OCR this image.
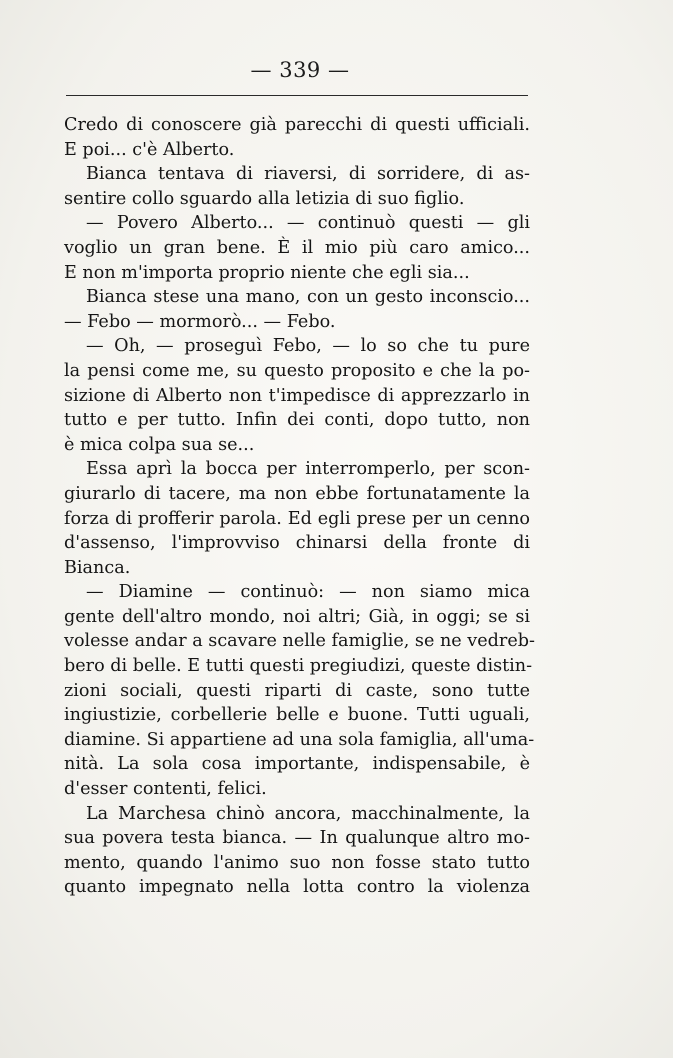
— 339 —
Credo di conoscere già parecchi di questi ufficiali.
E poi... c'è Alberto.
Bianca tentava di riaversi, di sorridere, di as-
sentire collo sguardo alla letizia di suo figlio.
— Povero Alberto... — continuò questi — gli
voglio un gran bene. È il mio più caro amico...
E non m'importa proprio niente che egli sia...
Bianca stese una mano, con un gesto inconscio...
— Febo — mormorò... — Febo.
— Oh, — proseguì Febo, — lo so che tu pure
la pensi come me, su questo proposito e che la po-
sizione di Alberto non t'impedisce di apprezzarlo in
tutto e per tutto. Infin dei conti, dopo tutto, non
è mica colpa sua se...
Essa aprì la bocca per interromperlo, per scon-
giurarlo di tacere, ma non ebbe fortunatamente la
forza di profferir parola. Ed egli prese per un cenno
d'assenso, l'improvviso chinarsi della fronte di
Bianca.
— Diamine — continuò: — non siamo mica
gente dell'altro mondo, noi altri; Già, in oggi; se si
volesse andar a scavare nelle famiglie, se ne vedreb-
bero di belle. E tutti questi pregiudizi, queste distin-
zioni sociali, questi riparti di caste, sono tutte
ingiustizie, corbellerie belle e buone. Tutti uguali,
diamine. Si appartiene ad una sola famiglia, all'uma-
nità. La sola cosa importante, indispensabile, è
d'esser contenti, felici.
La Marchesa chinò ancora, macchinalmente, la
sua povera testa bianca. — In qualunque altro mo-
mento, quando l'animo suo non fosse stato tutto
quanto impegnato nella lotta contro la violenza
